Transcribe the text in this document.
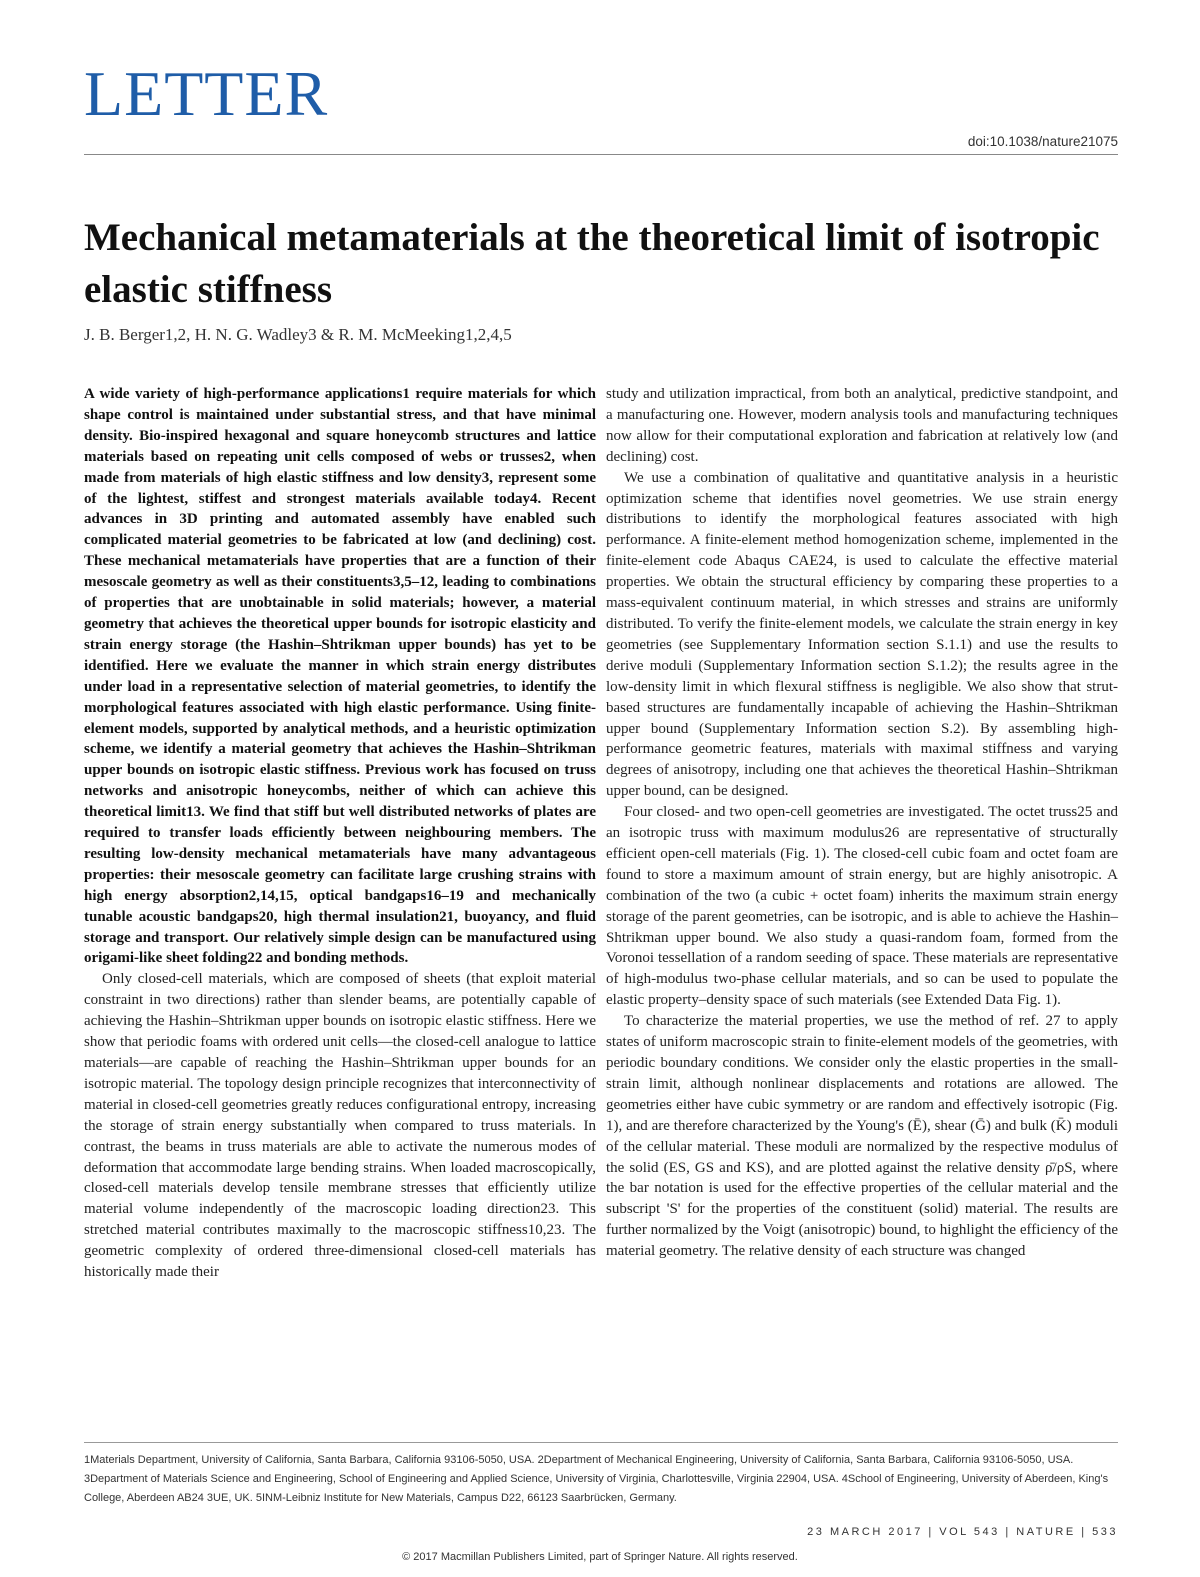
LETTER
doi:10.1038/nature21075
Mechanical metamaterials at the theoretical limit of isotropic elastic stiffness
J. B. Berger1,2, H. N. G. Wadley3 & R. M. McMeeking1,2,4,5

A wide variety of high-performance applications1 require materials for which shape control is maintained under substantial stress, and that have minimal density. Bio-inspired hexagonal and square honeycomb structures and lattice materials based on repeating unit cells composed of webs or trusses2, when made from materials of high elastic stiffness and low density3, represent some of the lightest, stiffest and strongest materials available today4. Recent advances in 3D printing and automated assembly have enabled such complicated material geometries to be fabricated at low (and declining) cost. These mechanical metamaterials have properties that are a function of their mesoscale geometry as well as their constituents3,5–12, leading to combinations of properties that are unobtainable in solid materials; however, a material geometry that achieves the theoretical upper bounds for isotropic elasticity and strain energy storage (the Hashin–Shtrikman upper bounds) has yet to be identified. Here we evaluate the manner in which strain energy distributes under load in a representative selection of material geometries, to identify the morphological features associated with high elastic performance. Using finite-element models, supported by analytical methods, and a heuristic optimization scheme, we identify a material geometry that achieves the Hashin–Shtrikman upper bounds on isotropic elastic stiffness. Previous work has focused on truss networks and anisotropic honeycombs, neither of which can achieve this theoretical limit13. We find that stiff but well distributed networks of plates are required to transfer loads efficiently between neighbouring members. The resulting low-density mechanical metamaterials have many advantageous properties: their mesoscale geometry can facilitate large crushing strains with high energy absorption2,14,15, optical bandgaps16–19 and mechanically tunable acoustic bandgaps20, high thermal insulation21, buoyancy, and fluid storage and transport. Our relatively simple design can be manufactured using origami-like sheet folding22 and bonding methods.

Only closed-cell materials, which are composed of sheets (that exploit material constraint in two directions) rather than slender beams, are potentially capable of achieving the Hashin–Shtrikman upper bounds on isotropic elastic stiffness. Here we show that periodic foams with ordered unit cells—the closed-cell analogue to lattice materials—are capable of reaching the Hashin–Shtrikman upper bounds for an isotropic material. The topology design principle recognizes that interconnectivity of material in closed-cell geometries greatly reduces configurational entropy, increasing the storage of strain energy substantially when compared to truss materials. In contrast, the beams in truss materials are able to activate the numerous modes of deformation that accommodate large bending strains. When loaded macroscopically, closed-cell materials develop tensile membrane stresses that efficiently utilize material volume independently of the macroscopic loading direction23. This stretched material contributes maximally to the macroscopic stiffness10,23. The geometric complexity of ordered three-dimensional closed-cell materials has historically made their

study and utilization impractical, from both an analytical, predictive standpoint, and a manufacturing one. However, modern analysis tools and manufacturing techniques now allow for their computational exploration and fabrication at relatively low (and declining) cost.

We use a combination of qualitative and quantitative analysis in a heuristic optimization scheme that identifies novel geometries. We use strain energy distributions to identify the morphological features associated with high performance. A finite-element method homogenization scheme, implemented in the finite-element code Abaqus CAE24, is used to calculate the effective material properties. We obtain the structural efficiency by comparing these properties to a mass-equivalent continuum material, in which stresses and strains are uniformly distributed. To verify the finite-element models, we calculate the strain energy in key geometries (see Supplementary Information section S.1.1) and use the results to derive moduli (Supplementary Information section S.1.2); the results agree in the low-density limit in which flexural stiffness is negligible. We also show that strut-based structures are fundamentally incapable of achieving the Hashin–Shtrikman upper bound (Supplementary Information section S.2). By assembling high-performance geometric features, materials with maximal stiffness and varying degrees of anisotropy, including one that achieves the theoretical Hashin–Shtrikman upper bound, can be designed.

Four closed- and two open-cell geometries are investigated. The octet truss25 and an isotropic truss with maximum modulus26 are representative of structurally efficient open-cell materials (Fig. 1). The closed-cell cubic foam and octet foam are found to store a maximum amount of strain energy, but are highly anisotropic. A combination of the two (a cubic + octet foam) inherits the maximum strain energy storage of the parent geometries, can be isotropic, and is able to achieve the Hashin–Shtrikman upper bound. We also study a quasi-random foam, formed from the Voronoi tessellation of a random seeding of space. These materials are representative of high-modulus two-phase cellular materials, and so can be used to populate the elastic property–density space of such materials (see Extended Data Fig. 1).

To characterize the material properties, we use the method of ref. 27 to apply states of uniform macroscopic strain to finite-element models of the geometries, with periodic boundary conditions. We consider only the elastic properties in the small-strain limit, although nonlinear displacements and rotations are allowed. The geometries either have cubic symmetry or are random and effectively isotropic (Fig. 1), and are therefore characterized by the Young's (Ē), shear (Ḡ) and bulk (K̄) moduli of the cellular material. These moduli are normalized by the respective modulus of the solid (ES, GS and KS), and are plotted against the relative density ρ̄/ρS, where the bar notation is used for the effective properties of the cellular material and the subscript 'S' for the properties of the constituent (solid) material. The results are further normalized by the Voigt (anisotropic) bound, to highlight the efficiency of the material geometry. The relative density of each structure was changed

1Materials Department, University of California, Santa Barbara, California 93106-5050, USA. 2Department of Mechanical Engineering, University of California, Santa Barbara, California 93106-5050, USA. 3Department of Materials Science and Engineering, School of Engineering and Applied Science, University of Virginia, Charlottesville, Virginia 22904, USA. 4School of Engineering, University of Aberdeen, King's College, Aberdeen AB24 3UE, UK. 5INM-Leibniz Institute for New Materials, Campus D22, 66123 Saarbrücken, Germany.

23 MARCH 2017 | VOL 543 | NATURE | 533
© 2017 Macmillan Publishers Limited, part of Springer Nature. All rights reserved.
